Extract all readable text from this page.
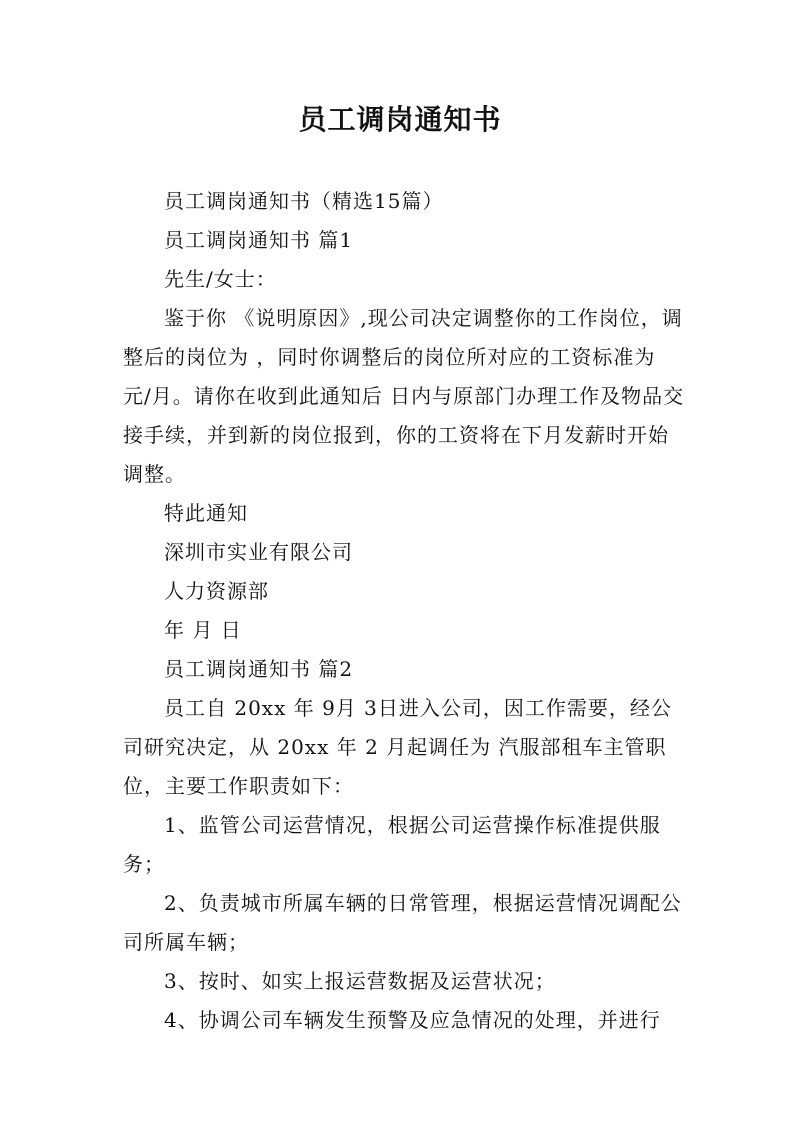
员工调岗通知书

员工调岗通知书（精选15篇）

员工调岗通知书 篇1

先生/女士：

鉴于你 《说明原因》,现公司决定调整你的工作岗位，调整后的岗位为 ，同时你调整后的岗位所对应的工资标准为 元/月。请你在收到此通知后 日内与原部门办理工作及物品交接手续，并到新的岗位报到，你的工资将在下月发薪时开始调整。

特此通知

深圳市实业有限公司

人力资源部

年 月 日

员工调岗通知书 篇2

员工自 20xx 年 9月 3日进入公司，因工作需要，经公司研究决定，从 20xx 年 2 月起调任为 汽服部租车主管职位，主要工作职责如下：

1、监管公司运营情况，根据公司运营操作标准提供服务；

2、负责城市所属车辆的日常管理，根据运营情况调配公司所属车辆；

3、按时、如实上报运营数据及运营状况；

4、协调公司车辆发生预警及应急情况的处理，并进行
